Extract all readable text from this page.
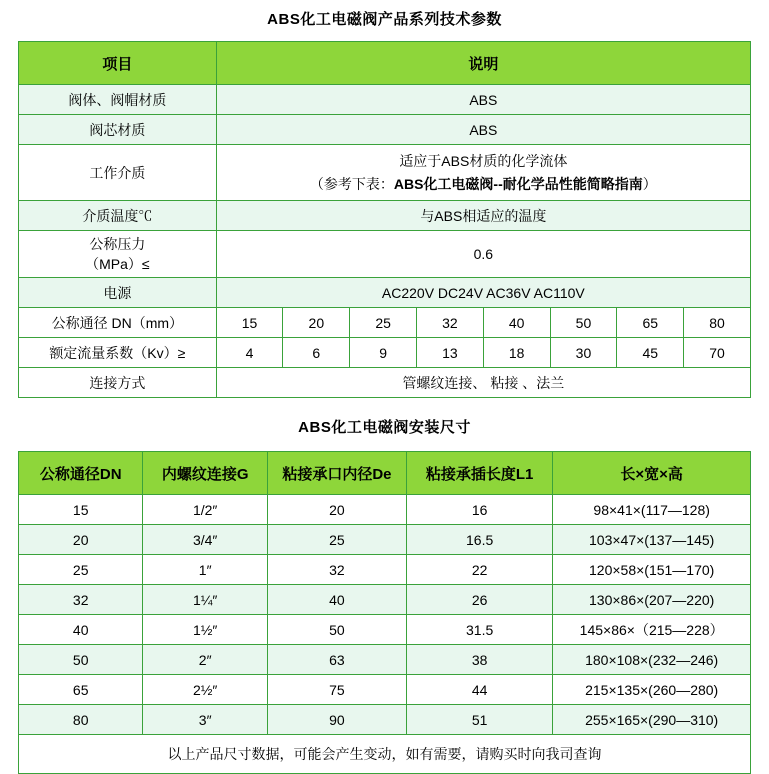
ABS化工电磁阀产品系列技术参数
项目	说明							
阀体、阀帽材质	ABS							
阀芯材质	ABS							
工作介质	适应于ABS材质的化学流体
（参考下表：ABS化工电磁阀--耐化学品性能简略指南）							

介质温度℃	与ABS相适应的温度							

公称压力
（MPa）≤	0.6							
电源	AC220V DC24V AC36V AC110V							
公称通径 DN（mm）	15	20	25	32	40	50	65	80
额定流量系数（Kv）≥	4	6	9	13	18	30	45	70
连接方式	管螺纹连接、 粘接 、法兰							
ABS化工电磁阀安装尺寸
公称通径DN	内螺纹连接G	粘接承口内径De	粘接承插长度L1	长×宽×高
15	1/2″	20	16	98×41×(117—128)
20	3/4″	25	16.5	103×47×(137—145)
25	1″	32	22	120×58×(151—170)
32	1¼″	40	26	130×86×(207—220)
40	1½″	50	31.5	145×86×（215—228）
50	2″	63	38	180×108×(232—246)
65	2½″	75	44	215×135×(260—280)
80	3″	90	51	255×165×(290—310)
以上产品尺寸数据，可能会产生变动，如有需要，请购买时向我司查询				
